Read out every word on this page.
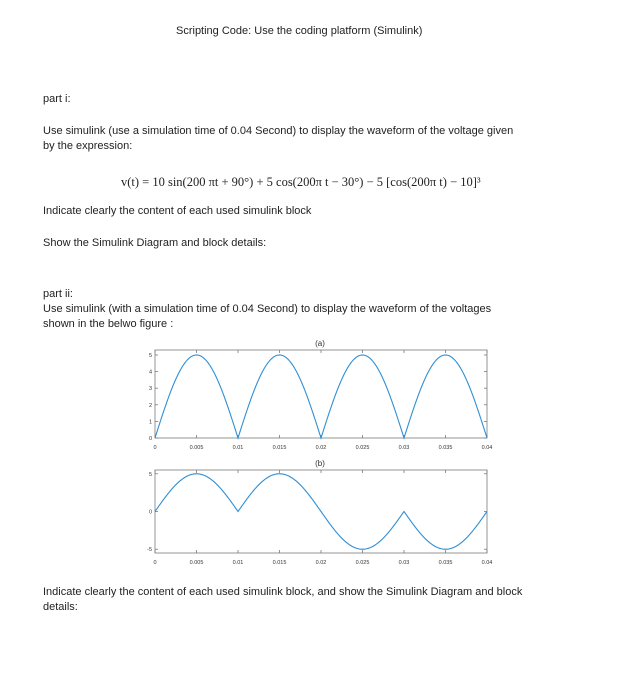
Scripting Code: Use the coding platform (Simulink)
part i:
Use simulink (use a simulation time of 0.04 Second) to display the waveform of the voltage given
by the expression:
v(t) = 10 sin(200 πt + 90°) + 5 cos(200π t − 30°) − 5 [cos(200π t) − 10]³
Indicate clearly the content of each used simulink block
Show the Simulink Diagram and block details:
part ii:
Use simulink (with a simulation time of 0.04 Second) to display the waveform of the voltages
shown in the belwo figure :
(a)
0	0.005	0.01	0.015	0.02	0.025	0.03	0.035	0.04
0
1
2
3
4
5
(b)
0	0.005	0.01	0.015	0.02	0.025	0.03	0.035	0.04
-5
0
5
Indicate clearly the content of each used simulink block, and show the Simulink Diagram and block
details:
